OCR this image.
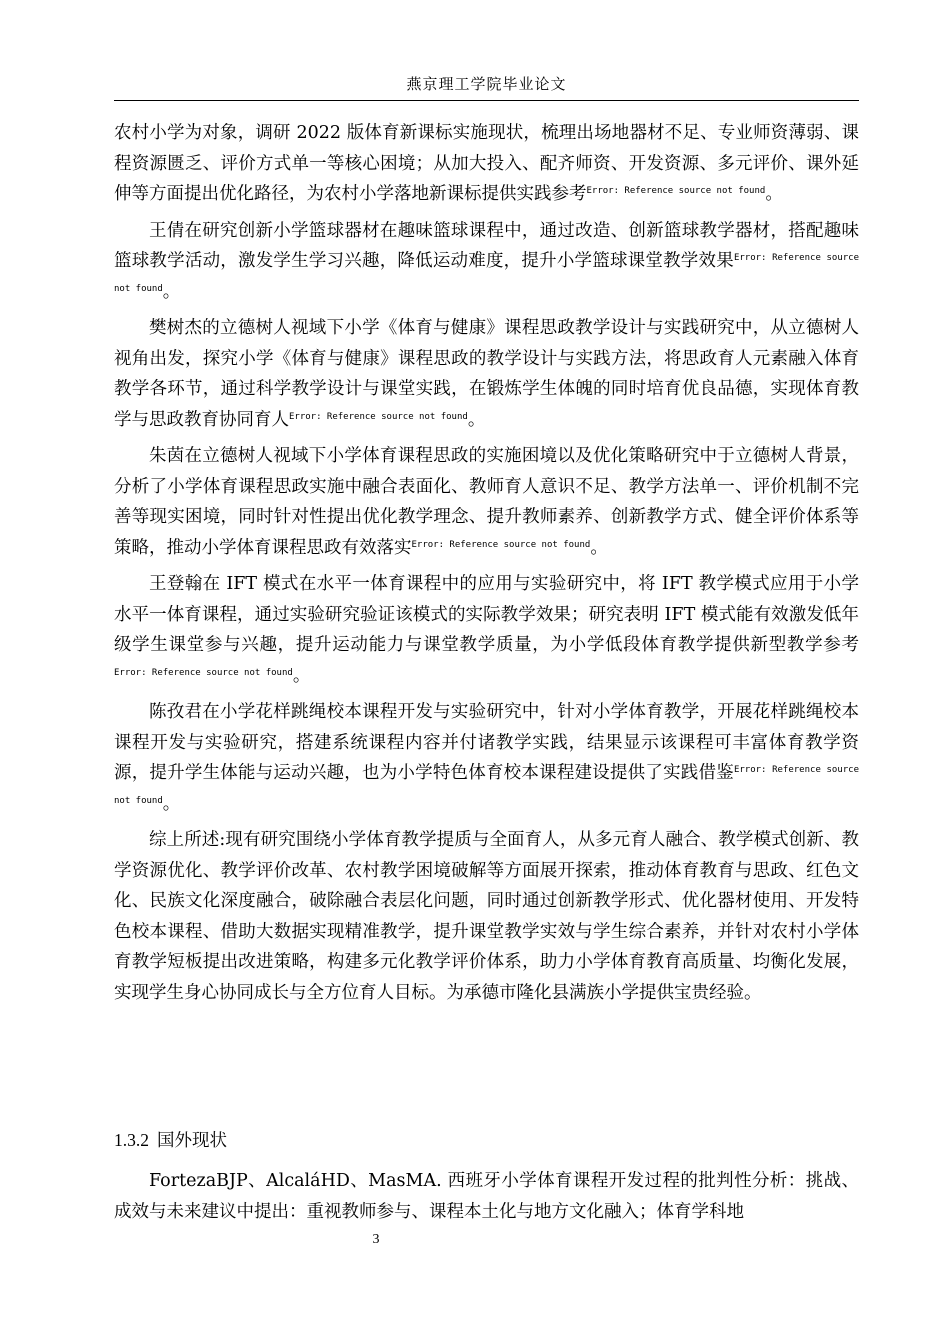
燕京理工学院毕业论文

农村小学为对象，调研 2022 版体育新课标实施现状，梳理出场地器材不足、专业师资薄弱、课程资源匮乏、评价方式单一等核心困境；从加大投入、配齐师资、开发资源、多元评价、课外延伸等方面提出优化路径，为农村小学落地新课标提供实践参考$^{Error: Reference source not found}$。

王倩在研究创新小学篮球器材在趣味篮球课程中，通过改造、创新篮球教学器材，搭配趣味篮球教学活动，激发学生学习兴趣，降低运动难度，提升小学篮球课堂教学效果$^{Error: Reference source not found}$。

樊树杰的立德树人视域下小学《体育与健康》课程思政教学设计与实践研究中，从立德树人视角出发，探究小学《体育与健康》课程思政的教学设计与实践方法，将思政育人元素融入体育教学各环节，通过科学教学设计与课堂实践，在锻炼学生体魄的同时培育优良品德，实现体育教学与思政教育协同育人$^{Error: Reference source not found}$。

朱茵在立德树人视域下小学体育课程思政的实施困境以及优化策略研究中于立德树人背景，分析了小学体育课程思政实施中融合表面化、教师育人意识不足、教学方法单一、评价机制不完善等现实困境，同时针对性提出优化教学理念、提升教师素养、创新教学方式、健全评价体系等策略，推动小学体育课程思政有效落实$^{Error: Reference source not found}$。

王登翰在 IFT 模式在水平一体育课程中的应用与实验研究中，将 IFT 教学模式应用于小学水平一体育课程，通过实验研究验证该模式的实际教学效果；研究表明 IFT 模式能有效激发低年级学生课堂参与兴趣，提升运动能力与课堂教学质量，为小学低段体育教学提供新型教学参考$^{Error: Reference source not found}$。

陈孜君在小学花样跳绳校本课程开发与实验研究中，针对小学体育教学，开展花样跳绳校本课程开发与实验研究，搭建系统课程内容并付诸教学实践，结果显示该课程可丰富体育教学资源，提升学生体能与运动兴趣，也为小学特色体育校本课程建设提供了实践借鉴$^{Error: Reference source not found}$。

综上所述:现有研究围绕小学体育教学提质与全面育人，从多元育人融合、教学模式创新、教学资源优化、教学评价改革、农村教学困境破解等方面展开探索，推动体育教育与思政、红色文化、民族文化深度融合，破除融合表层化问题，同时通过创新教学形式、优化器材使用、开发特色校本课程、借助大数据实现精准教学，提升课堂教学实效与学生综合素养，并针对农村小学体育教学短板提出改进策略，构建多元化教学评价体系，助力小学体育教育高质量、均衡化发展，实现学生身心协同成长与全方位育人目标。为承德市隆化县满族小学提供宝贵经验。

1.3.2 国外现状

FortezaBJP、AlcaláHD、MasMA. 西班牙小学体育课程开发过程的批判性分析：挑战、成效与未来建议中提出：重视教师参与、课程本土化与地方文化融入；体育学科地

3
